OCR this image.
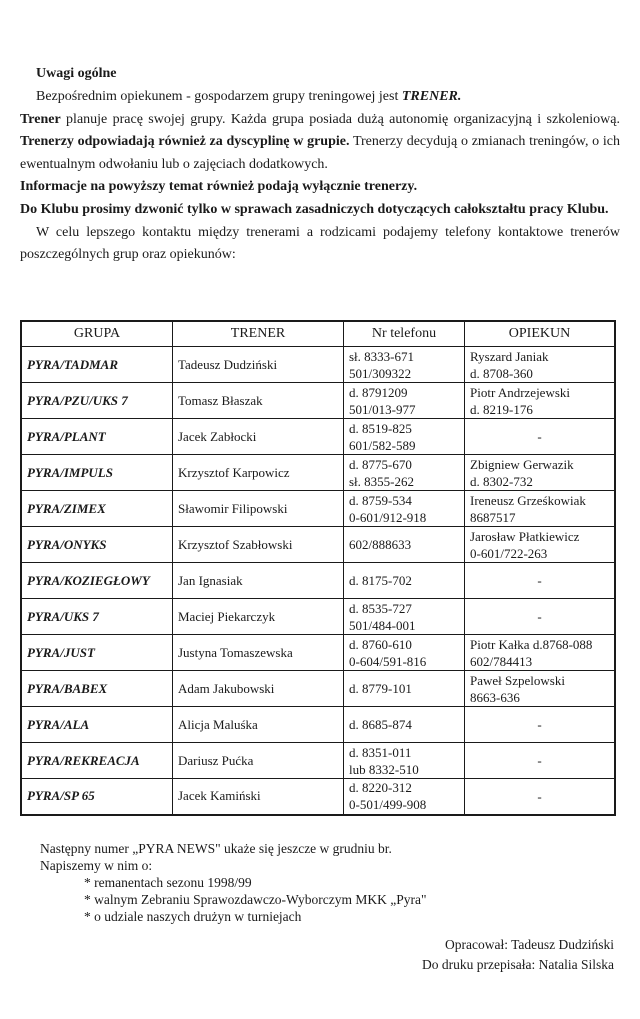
Uwagi ogólne

Bezpośrednim opiekunem - gospodarzem grupy treningowej jest TRENER.

Trener planuje pracę swojej grupy. Każda grupa posiada dużą autonomię organizacyjną i szkoleniową. Trenerzy odpowiadają również za dyscyplinę w grupie. Trenerzy decydują o zmianach treningów, o ich ewentualnym odwołaniu lub o zajęciach dodatkowych.

Informacje na powyższy temat również podają wyłącznie trenerzy.

Do Klubu prosimy dzwonić tylko w sprawach zasadniczych dotyczących całokształtu pracy Klubu.

W celu lepszego kontaktu między trenerami a rodzicami podajemy telefony kontaktowe trenerów poszczególnych grup oraz opiekunów:

GRUPA	TRENER	Nr telefonu	OPIEKUN

PYRA/TADMAR	Tadeusz Dudziński	sł. 8333-671
501/309322	Ryszard Janiak
d. 8708-360

PYRA/PZU/UKS 7	Tomasz Błaszak	d. 8791209
501/013-977	Piotr Andrzejewski
d. 8219-176

PYRA/PLANT	Jacek Zabłocki	d. 8519-825
601/582-589	-

PYRA/IMPULS	Krzysztof Karpowicz	d. 8775-670
sł. 8355-262	Zbigniew Gerwazik
d. 8302-732

PYRA/ZIMEX	Sławomir Filipowski	d. 8759-534
0-601/912-918	Ireneusz Grześkowiak
8687517

PYRA/ONYKS	Krzysztof Szabłowski	602/888633	Jarosław Płatkiewicz
0-601/722-263

PYRA/KOZIEGŁOWY	Jan Ignasiak	d. 8175-702	-

PYRA/UKS 7	Maciej Piekarczyk	d. 8535-727
501/484-001	-

PYRA/JUST	Justyna Tomaszewska	d. 8760-610
0-604/591-816	Piotr Kałka d.8768-088
602/784413

PYRA/BABEX	Adam Jakubowski	d. 8779-101	Paweł Szpelowski
8663-636

PYRA/ALA	Alicja Maluśka	d. 8685-874	-

PYRA/REKREACJA	Dariusz Pućka	d. 8351-011
lub 8332-510	-

PYRA/SP 65	Jacek Kamiński	d. 8220-312
0-501/499-908	-
Następny numer „PYRA NEWS" ukaże się jeszcze w grudniu br.
Napiszemy w nim o:
* remanentach sezonu 1998/99
* walnym Zebraniu Sprawozdawczo-Wyborczym MKK „Pyra"
* o udziale naszych drużyn w turniejach
Opracował: Tadeusz Dudziński
Do druku przepisała: Natalia Silska
